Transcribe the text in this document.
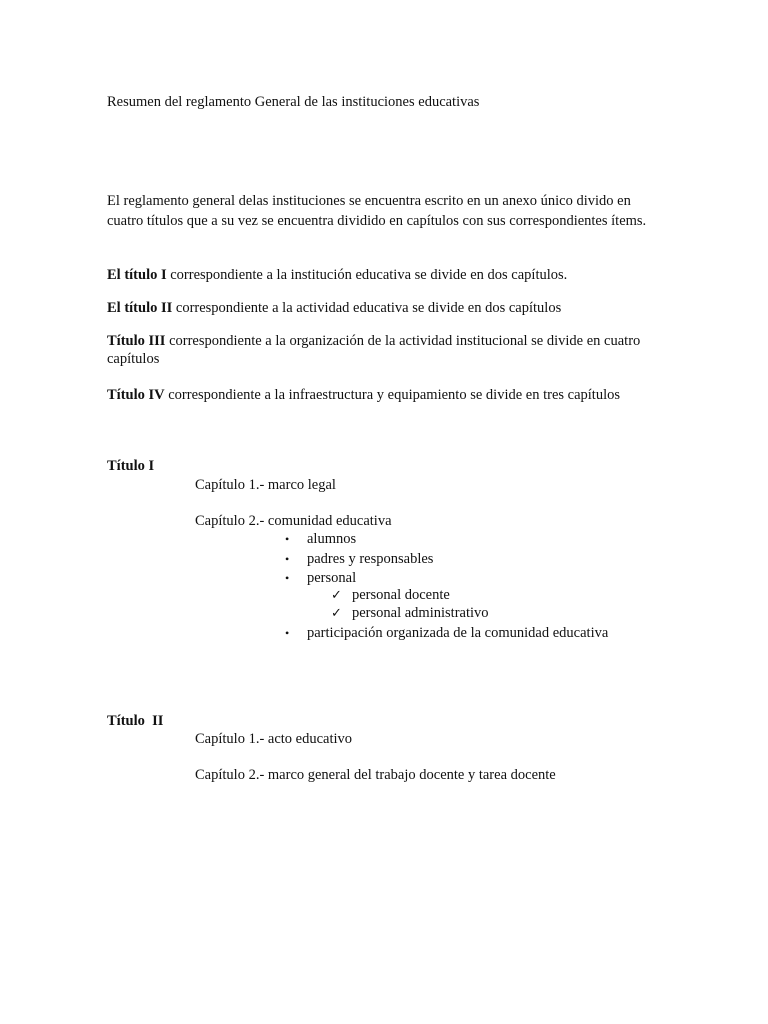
Resumen del reglamento General de las instituciones educativas
El reglamento general delas instituciones se encuentra escrito en un anexo único divido en cuatro títulos que a su vez se encuentra dividido en capítulos con sus correspondientes ítems.
El título I correspondiente a la institución educativa se divide en dos capítulos.
El título II correspondiente a la actividad educativa se divide en dos capítulos
Título III correspondiente a la organización de la actividad institucional se divide en cuatro capítulos
Título IV correspondiente a la infraestructura y equipamiento se divide en tres capítulos
Título I
Capítulo 1.- marco legal
Capítulo 2.- comunidad educativa
• alumnos
• padres y responsables
• personal
✓ personal docente
✓ personal administrativo
• participación organizada de la comunidad educativa
Título  II
Capítulo 1.- acto educativo
Capítulo 2.- marco general del trabajo docente y tarea docente
